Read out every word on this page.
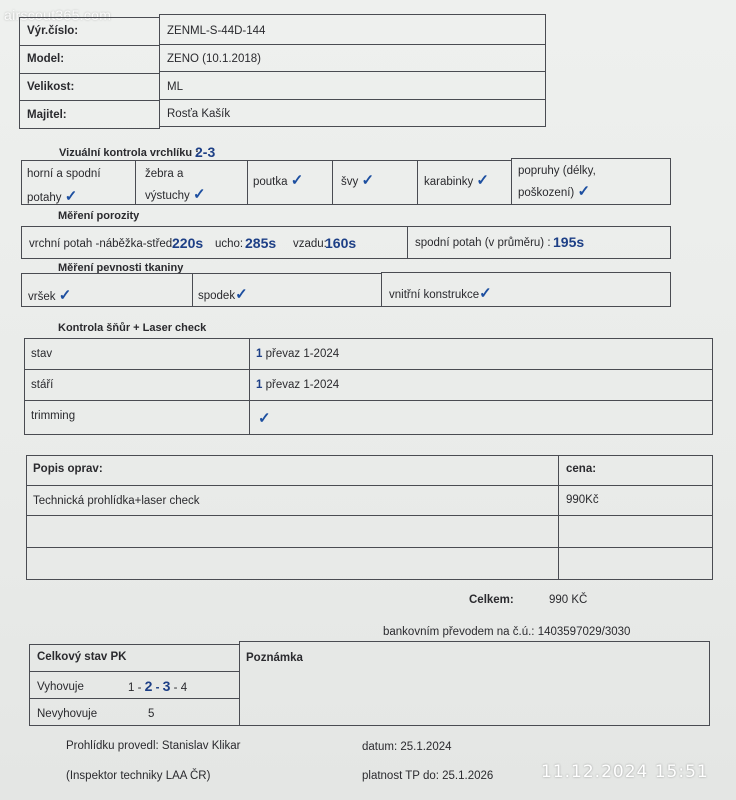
airscout365.com
Výr.číslo:	ZENML-S-44D-144
Model:	ZENO (10.1.2018)
Velikost:	ML
Majitel:	Rosťa Kašík
Vizuální kontrola vrchlíku :
2-3
horní a spodní
potahy ✓
žebra a
výstuchy ✓
poutka ✓	švy ✓	karabinky ✓
popruhy (délky,
poškození) ✓
Měření porozity
vrchní potah -náběžka-střed:
220s ucho: 285s vzadu:
160s	spodní potah (v průměru) : 195s
Měření pevnosti tkaniny
vršek ✓	spodek✓	vnitřní konstrukce✓
Kontrola šňůr + Laser check
stav	1 převaz 1-2024
stáří	1 převaz 1-2024
trimming	✓
Popis oprav:	cena:
Technická prohlídka+laser check	990Kč
Celkem:	990 KČ
bankovním převodem na č.ú.: 1403597029/3030
Celkový stav PK	Poznámka
Vyhovuje	1 - 2 - 3 - 4
Nevyhovuje	5
Prohlídku provedl: Stanislav Klikar
(Inspektor techniky LAA ČR)
datum: 25.1.2024
platnost TP do: 25.1.2026	11.12.2024 15:51
